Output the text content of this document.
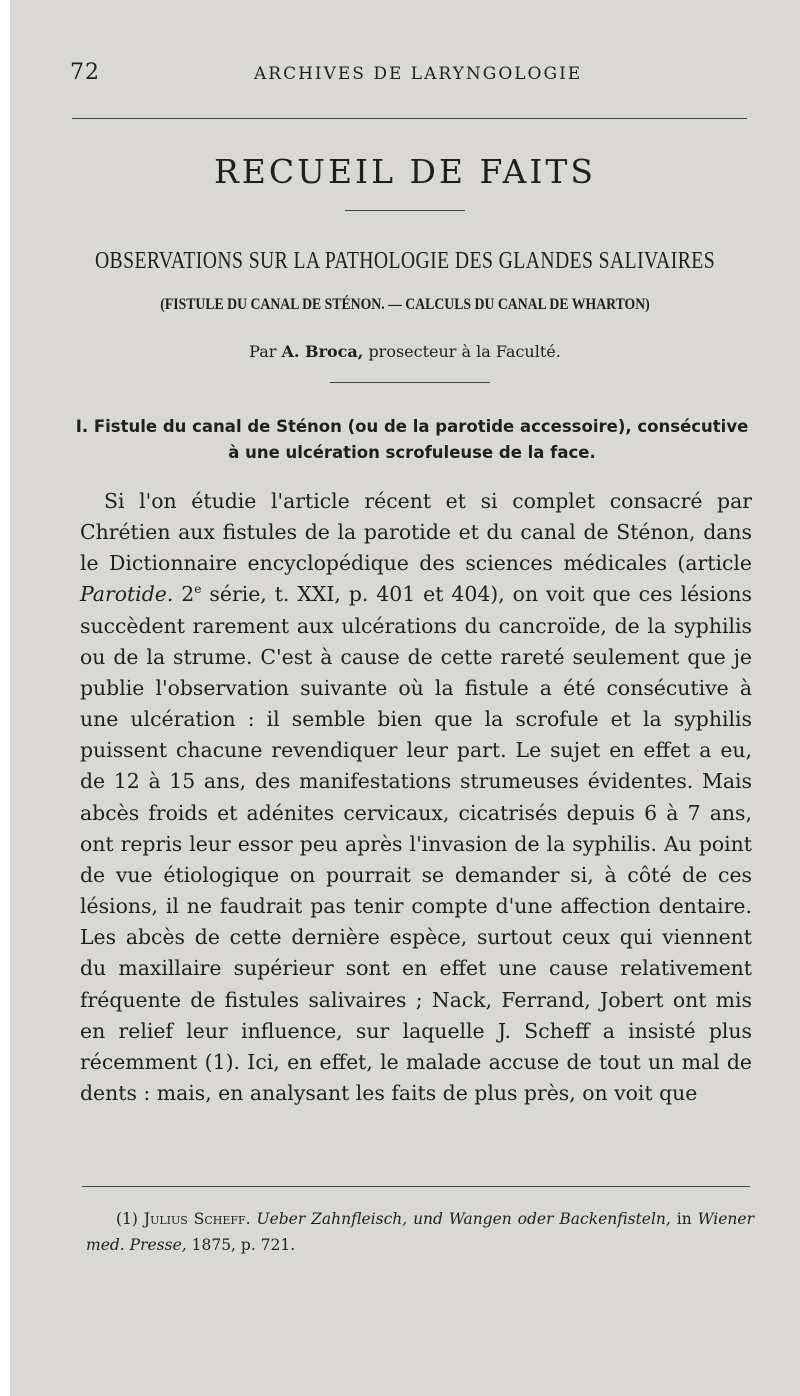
72	ARCHIVES DE LARYNGOLOGIE
RECUEIL DE FAITS
OBSERVATIONS SUR LA PATHOLOGIE DES GLANDES SALIVAIRES
(FISTULE DU CANAL DE STÉNON. — CALCULS DU CANAL DE WHARTON)
Par A. Broca, prosecteur à la Faculté.
I. Fistule du canal de Sténon (ou de la parotide accessoire), consécutive à une ulcération scrofuleuse de la face.

Si l'on étudie l'article récent et si complet consacré par Chrétien aux fistules de la parotide et du canal de Sténon, dans le Dictionnaire encyclopédique des sciences médicales (article Parotide. 2e série, t. XXI, p. 401 et 404), on voit que ces lésions succèdent rarement aux ulcérations du cancroïde, de la syphilis ou de la strume. C'est à cause de cette rareté seulement que je publie l'observation suivante où la fistule a été consécutive à une ulcération : il semble bien que la scrofule et la syphilis puissent chacune revendiquer leur part. Le sujet en effet a eu, de 12 à 15 ans, des manifestations strumeuses évidentes. Mais abcès froids et adénites cervicaux, cicatrisés depuis 6 à 7 ans, ont repris leur essor peu après l'invasion de la syphilis. Au point de vue étiologique on pourrait se demander si, à côté de ces lésions, il ne faudrait pas tenir compte d'une affection dentaire. Les abcès de cette dernière espèce, surtout ceux qui viennent du maxillaire supérieur sont en effet une cause relativement fréquente de fistules salivaires ; Nack, Ferrand, Jobert ont mis en relief leur influence, sur laquelle J. Scheff a insisté plus récemment (1). Ici, en effet, le malade accuse de tout un mal de dents : mais, en analysant les faits de plus près, on voit que

(1) Julius Scheff. Ueber Zahnfleisch, und Wangen oder Backenfisteln, in Wiener med. Presse, 1875, p. 721.
